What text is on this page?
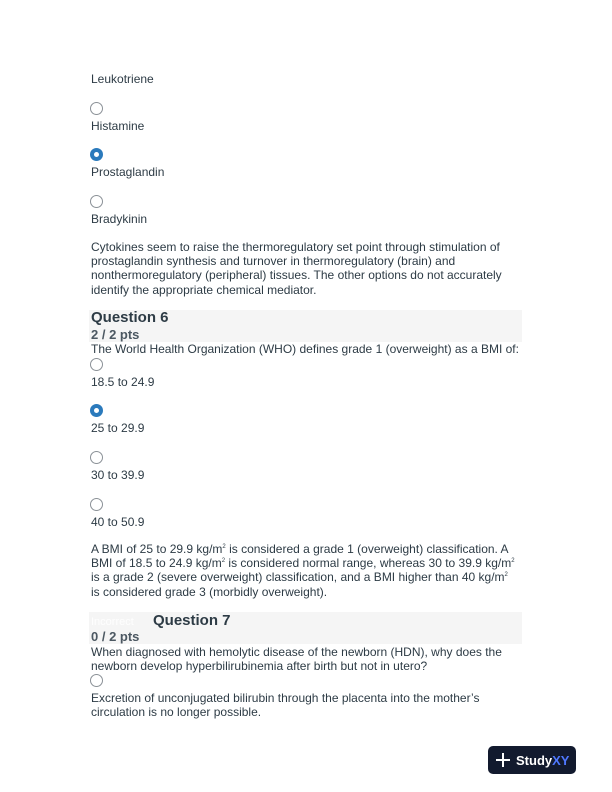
Leukotriene
Histamine
Prostaglandin
Bradykinin
Cytokines seem to raise the thermoregulatory set point through stimulation of prostaglandin synthesis and turnover in thermoregulatory (brain) and nonthermoregulatory (peripheral) tissues. The other options do not accurately identify the appropriate chemical mediator.
Question 6
2 / 2 pts
The World Health Organization (WHO) defines grade 1 (overweight) as a BMI of:
18.5 to 24.9
25 to 29.9
30 to 39.9
40 to 50.9
A BMI of 25 to 29.9 $kg/m^2$ is considered a grade 1 (overweight) classification. A BMI of 18.5 to 24.9 $kg/m^2$ is considered normal range, whereas 30 to 39.9 $kg/m^2$ is a grade 2 (severe overweight) classification, and a BMI higher than 40 $kg/m^2$ is considered grade 3 (morbidly overweight).
Incorrect Question 7
0 / 2 pts
When diagnosed with hemolytic disease of the newborn (HDN), why does the newborn develop hyperbilirubinemia after birth but not in utero?
Excretion of unconjugated bilirubin through the placenta into the mother’s circulation is no longer possible.
Study XY
